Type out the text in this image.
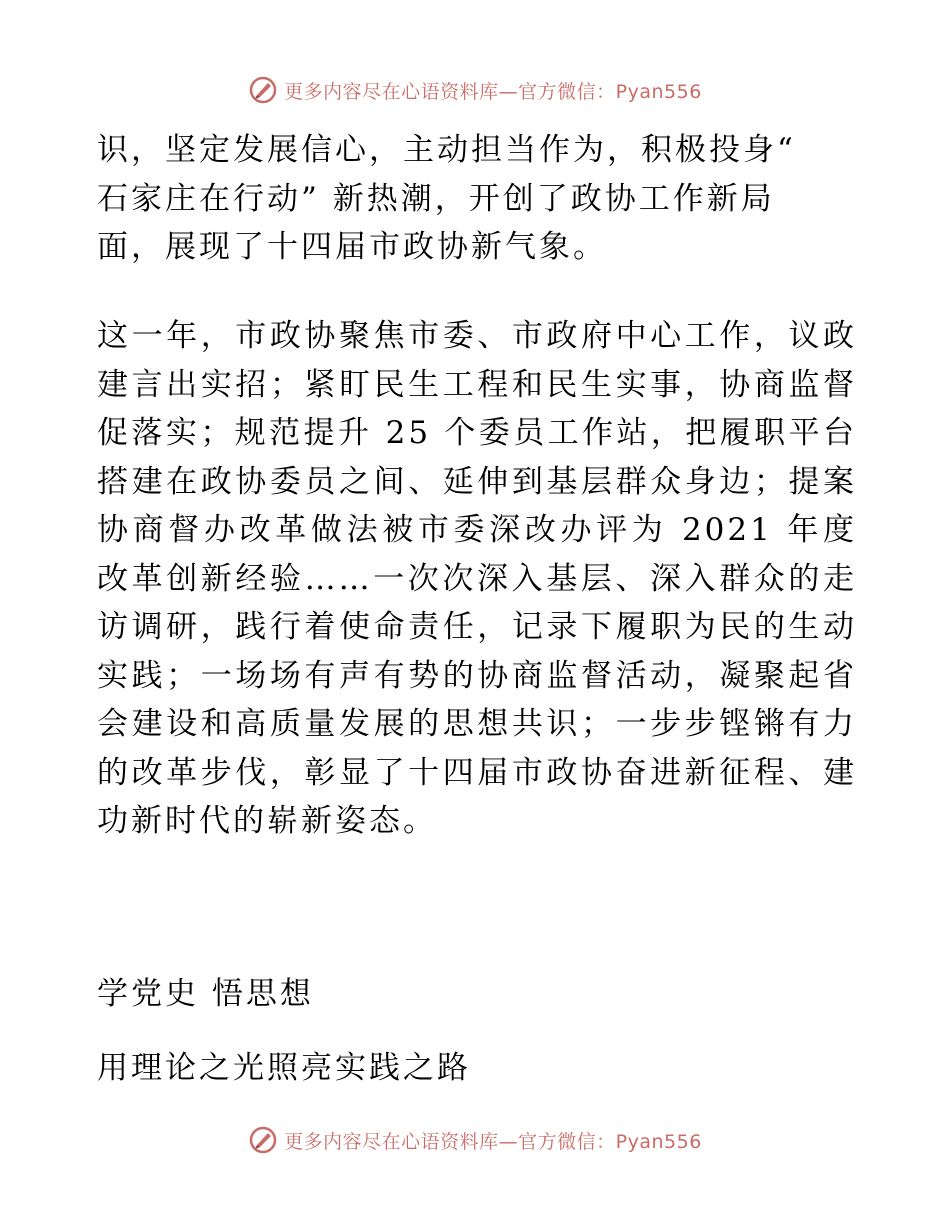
更多内容尽在心语资料库—官方微信：Pyan556
识，坚定发展信心，主动担当作为，积极投身“
石家庄在行动” 新热潮，开创了政协工作新局
面，展现了十四届市政协新气象。

这一年，市政协聚焦市委、市政府中心工作，议政建言出实招；紧盯民生工程和民生实事，协商监督促落实；规范提升 25 个委员工作站，把履职平台搭建在政协委员之间、延伸到基层群众身边；提案协商督办改革做法被市委深改办评为 2021 年度改革创新经验……一次次深入基层、深入群众的走访调研，践行着使命责任，记录下履职为民的生动实践；一场场有声有势的协商监督活动，凝聚起省会建设和高质量发展的思想共识；一步步铿锵有力的改革步伐，彰显了十四届市政协奋进新征程、建功新时代的崭新姿态。

学党史 悟思想

用理论之光照亮实践之路

更多内容尽在心语资料库—官方微信：Pyan556
